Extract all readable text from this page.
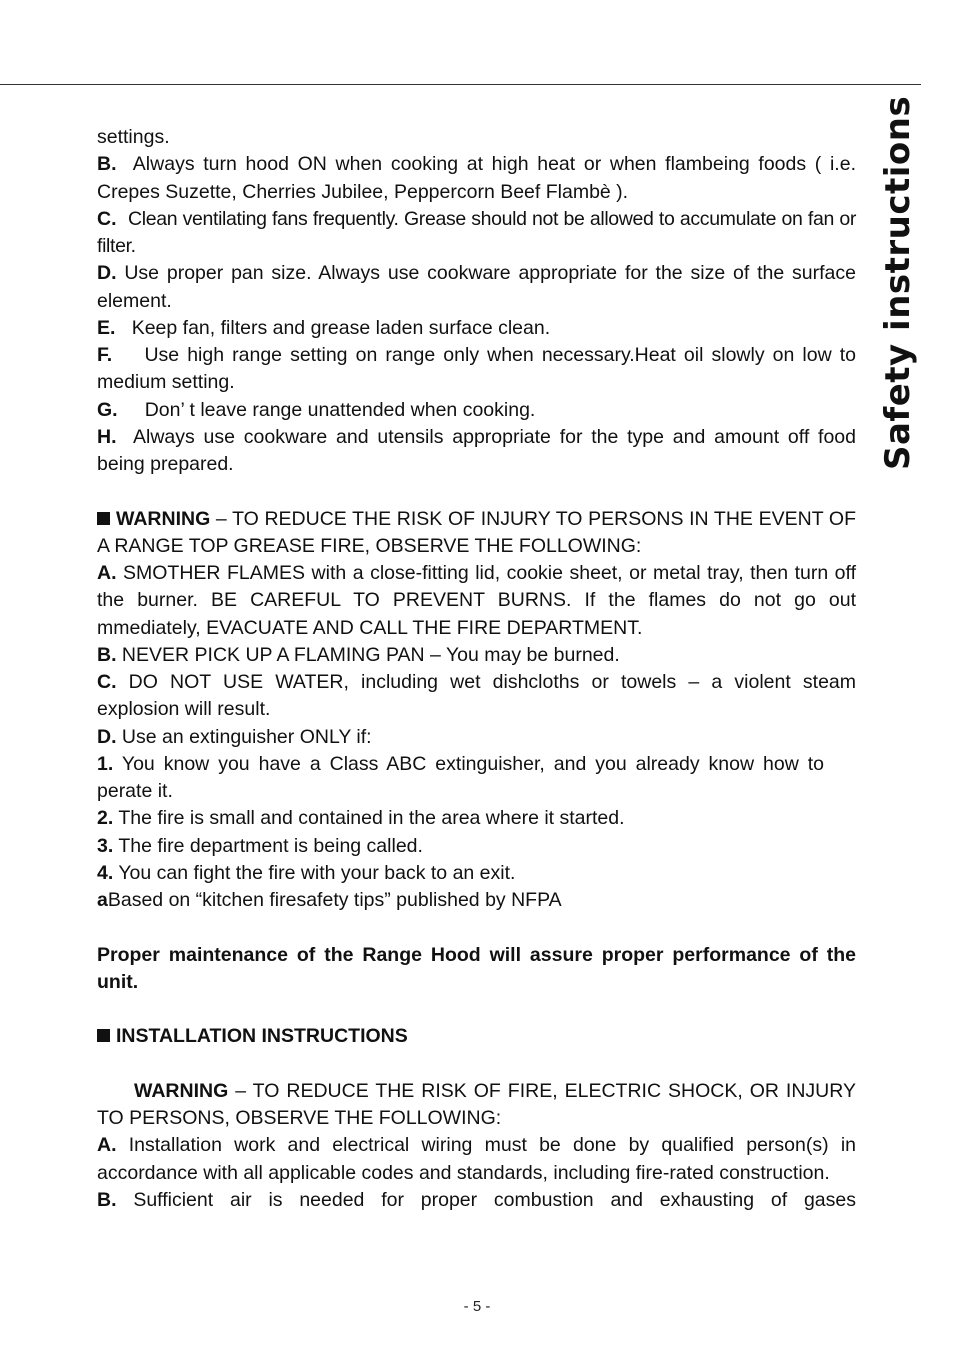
Safety instructions

settings.

B. Always turn hood ON when cooking at high heat or when flambeing foods ( i.e. Crepes Suzette, Cherries Jubilee, Peppercorn Beef Flambè ).

C. Clean ventilating fans frequently. Grease should not be allowed to accumulate on fan or filter.

D. Use proper pan size. Always use cookware appropriate for the size of the surface element.

E. Keep fan, filters and grease laden surface clean.

F. Use high range setting on range only when necessary.Heat oil slowly on low to medium setting.

G. Don’ t leave range unattended when cooking.

H. Always use cookware and utensils appropriate for the type and amount off food being prepared.

WARNING – TO REDUCE THE RISK OF INJURY TO PERSONS IN THE EVENT OF A RANGE TOP GREASE FIRE, OBSERVE THE FOLLOWING:

A. SMOTHER FLAMES with a close-fitting lid, cookie sheet, or metal tray, then turn off the burner. BE CAREFUL TO PREVENT BURNS. If the flames do not go out mmediately, EVACUATE AND CALL THE FIRE DEPARTMENT.

B. NEVER PICK UP A FLAMING PAN – You may be burned.

C. DO NOT USE WATER, including wet dishcloths or towels – a violent steam explosion will result.

D. Use an extinguisher ONLY if:

1. You know you have a Class ABC extinguisher, and you already know how toperate it.

2. The fire is small and contained in the area where it started.

3. The fire department is being called.

4. You can fight the fire with your back to an exit.

aBased on “kitchen firesafety tips” published by NFPA

Proper maintenance of the Range Hood will assure proper performance of the unit.

INSTALLATION INSTRUCTIONS

WARNING – TO REDUCE THE RISK OF FIRE, ELECTRIC SHOCK, OR INJURY TO PERSONS, OBSERVE THE FOLLOWING:

A. Installation work and electrical wiring must be done by qualified person(s) in accordance with all applicable codes and standards, including fire-rated construction.

B. Sufficient air is needed for proper combustion and exhausting of gases

- 5 -
